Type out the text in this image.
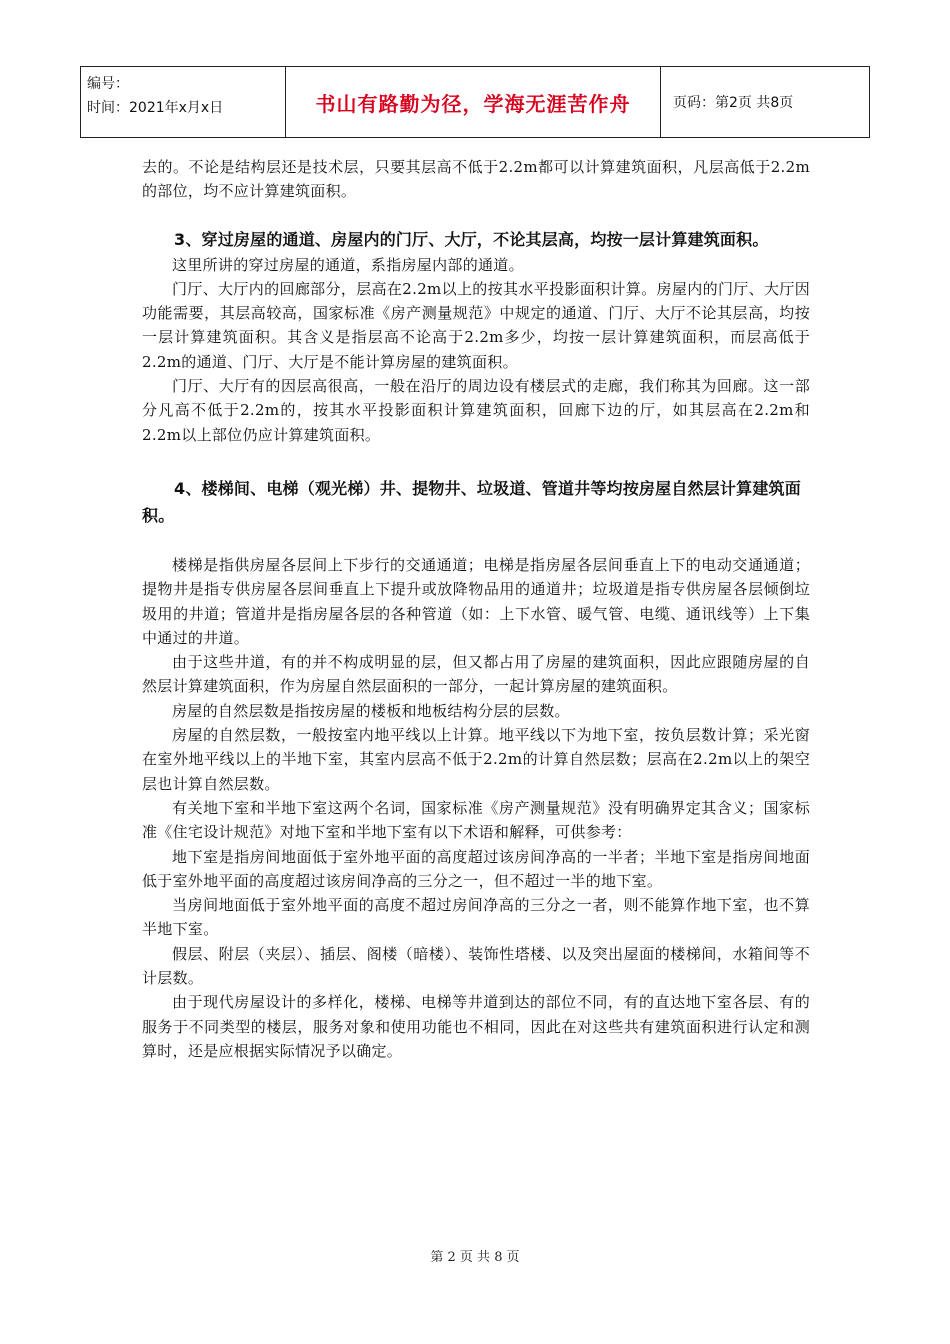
编号：
时间：2021年x月x日	书山有路勤为径，学海无涯苦作舟	页码：第2页 共8页

去的。不论是结构层还是技术层，只要其层高不低于2.2m都可以计算建筑面积，凡层高低于2.2m的部位，均不应计算建筑面积。

3、穿过房屋的通道、房屋内的门厅、大厅，不论其层高，均按一层计算建筑面积。

这里所讲的穿过房屋的通道，系指房屋内部的通道。

门厅、大厅内的回廊部分，层高在2.2m以上的按其水平投影面积计算。房屋内的门厅、大厅因功能需要，其层高较高，国家标准《房产测量规范》中规定的通道、门厅、大厅不论其层高，均按一层计算建筑面积。其含义是指层高不论高于2.2m多少，均按一层计算建筑面积，而层高低于2.2m的通道、门厅、大厅是不能计算房屋的建筑面积。

门厅、大厅有的因层高很高，一般在沿厅的周边设有楼层式的走廊，我们称其为回廊。这一部分凡高不低于2.2m的，按其水平投影面积计算建筑面积，回廊下边的厅，如其层高在2.2m和2.2m以上部位仍应计算建筑面积。

4、楼梯间、电梯（观光梯）井、提物井、垃圾道、管道井等均按房屋自然层计算建筑面积。

楼梯是指供房屋各层间上下步行的交通通道；电梯是指房屋各层间垂直上下的电动交通通道；提物井是指专供房屋各层间垂直上下提升或放降物品用的通道井；垃圾道是指专供房屋各层倾倒垃圾用的井道；管道井是指房屋各层的各种管道（如：上下水管、暖气管、电缆、通讯线等）上下集中通过的井道。

由于这些井道，有的并不构成明显的层，但又都占用了房屋的建筑面积，因此应跟随房屋的自然层计算建筑面积，作为房屋自然层面积的一部分，一起计算房屋的建筑面积。

房屋的自然层数是指按房屋的楼板和地板结构分层的层数。

房屋的自然层数，一般按室内地平线以上计算。地平线以下为地下室，按负层数计算；采光窗在室外地平线以上的半地下室，其室内层高不低于2.2m的计算自然层数；层高在2.2m以上的架空层也计算自然层数。

有关地下室和半地下室这两个名词，国家标准《房产测量规范》没有明确界定其含义；国家标准《住宅设计规范》对地下室和半地下室有以下术语和解释，可供参考：

地下室是指房间地面低于室外地平面的高度超过该房间净高的一半者；半地下室是指房间地面低于室外地平面的高度超过该房间净高的三分之一，但不超过一半的地下室。

当房间地面低于室外地平面的高度不超过房间净高的三分之一者，则不能算作地下室，也不算半地下室。

假层、附层（夹层）、插层、阁楼（暗楼）、装饰性塔楼、以及突出屋面的楼梯间，水箱间等不计层数。

由于现代房屋设计的多样化，楼梯、电梯等井道到达的部位不同，有的直达地下室各层、有的服务于不同类型的楼层，服务对象和使用功能也不相同，因此在对这些共有建筑面积进行认定和测算时，还是应根据实际情况予以确定。

第 2 页 共 8 页
